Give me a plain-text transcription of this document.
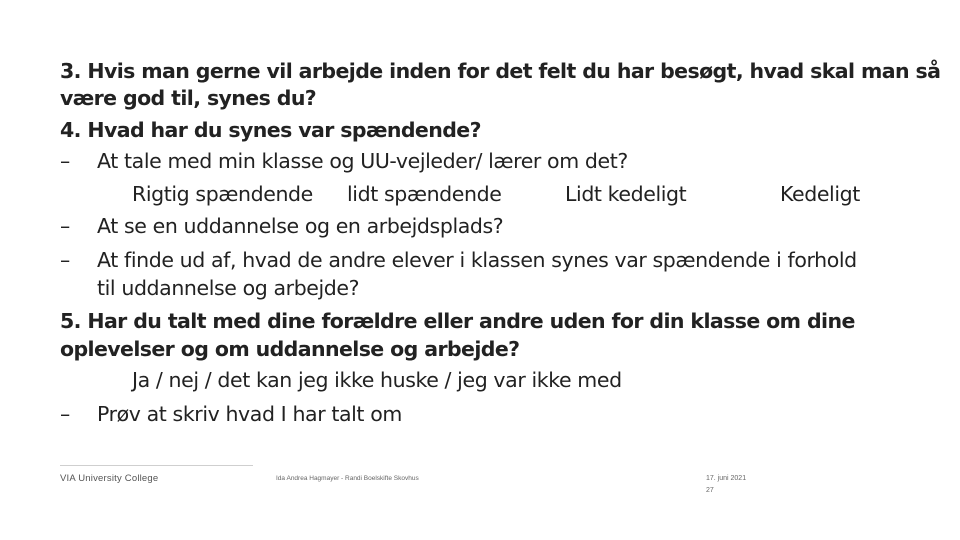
3. Hvis man gerne vil arbejde inden for det felt du har besøgt, hvad skal man så
være god til, synes du?
4. Hvad har du synes var spændende?
– At tale med min klasse og UU-vejleder/ lærer om det?
Rigtig spændende lidt spændende	Lidt kedeligt	Kedeligt
– At se en uddannelse og en arbejdsplads?
– At finde ud af, hvad de andre elever i klassen synes var spændende i forhold
til uddannelse og arbejde?
5. Har du talt med dine forældre eller andre uden for din klasse om dine
oplevelser og om uddannelse og arbejde?
Ja / nej / det kan jeg ikke huske / jeg var ikke med
– Prøv at skriv hvad I har talt om
VIA University College	Ida Andrea Hagmayer - Randi Boelskifte Skovhus	17. juni 2021
27
